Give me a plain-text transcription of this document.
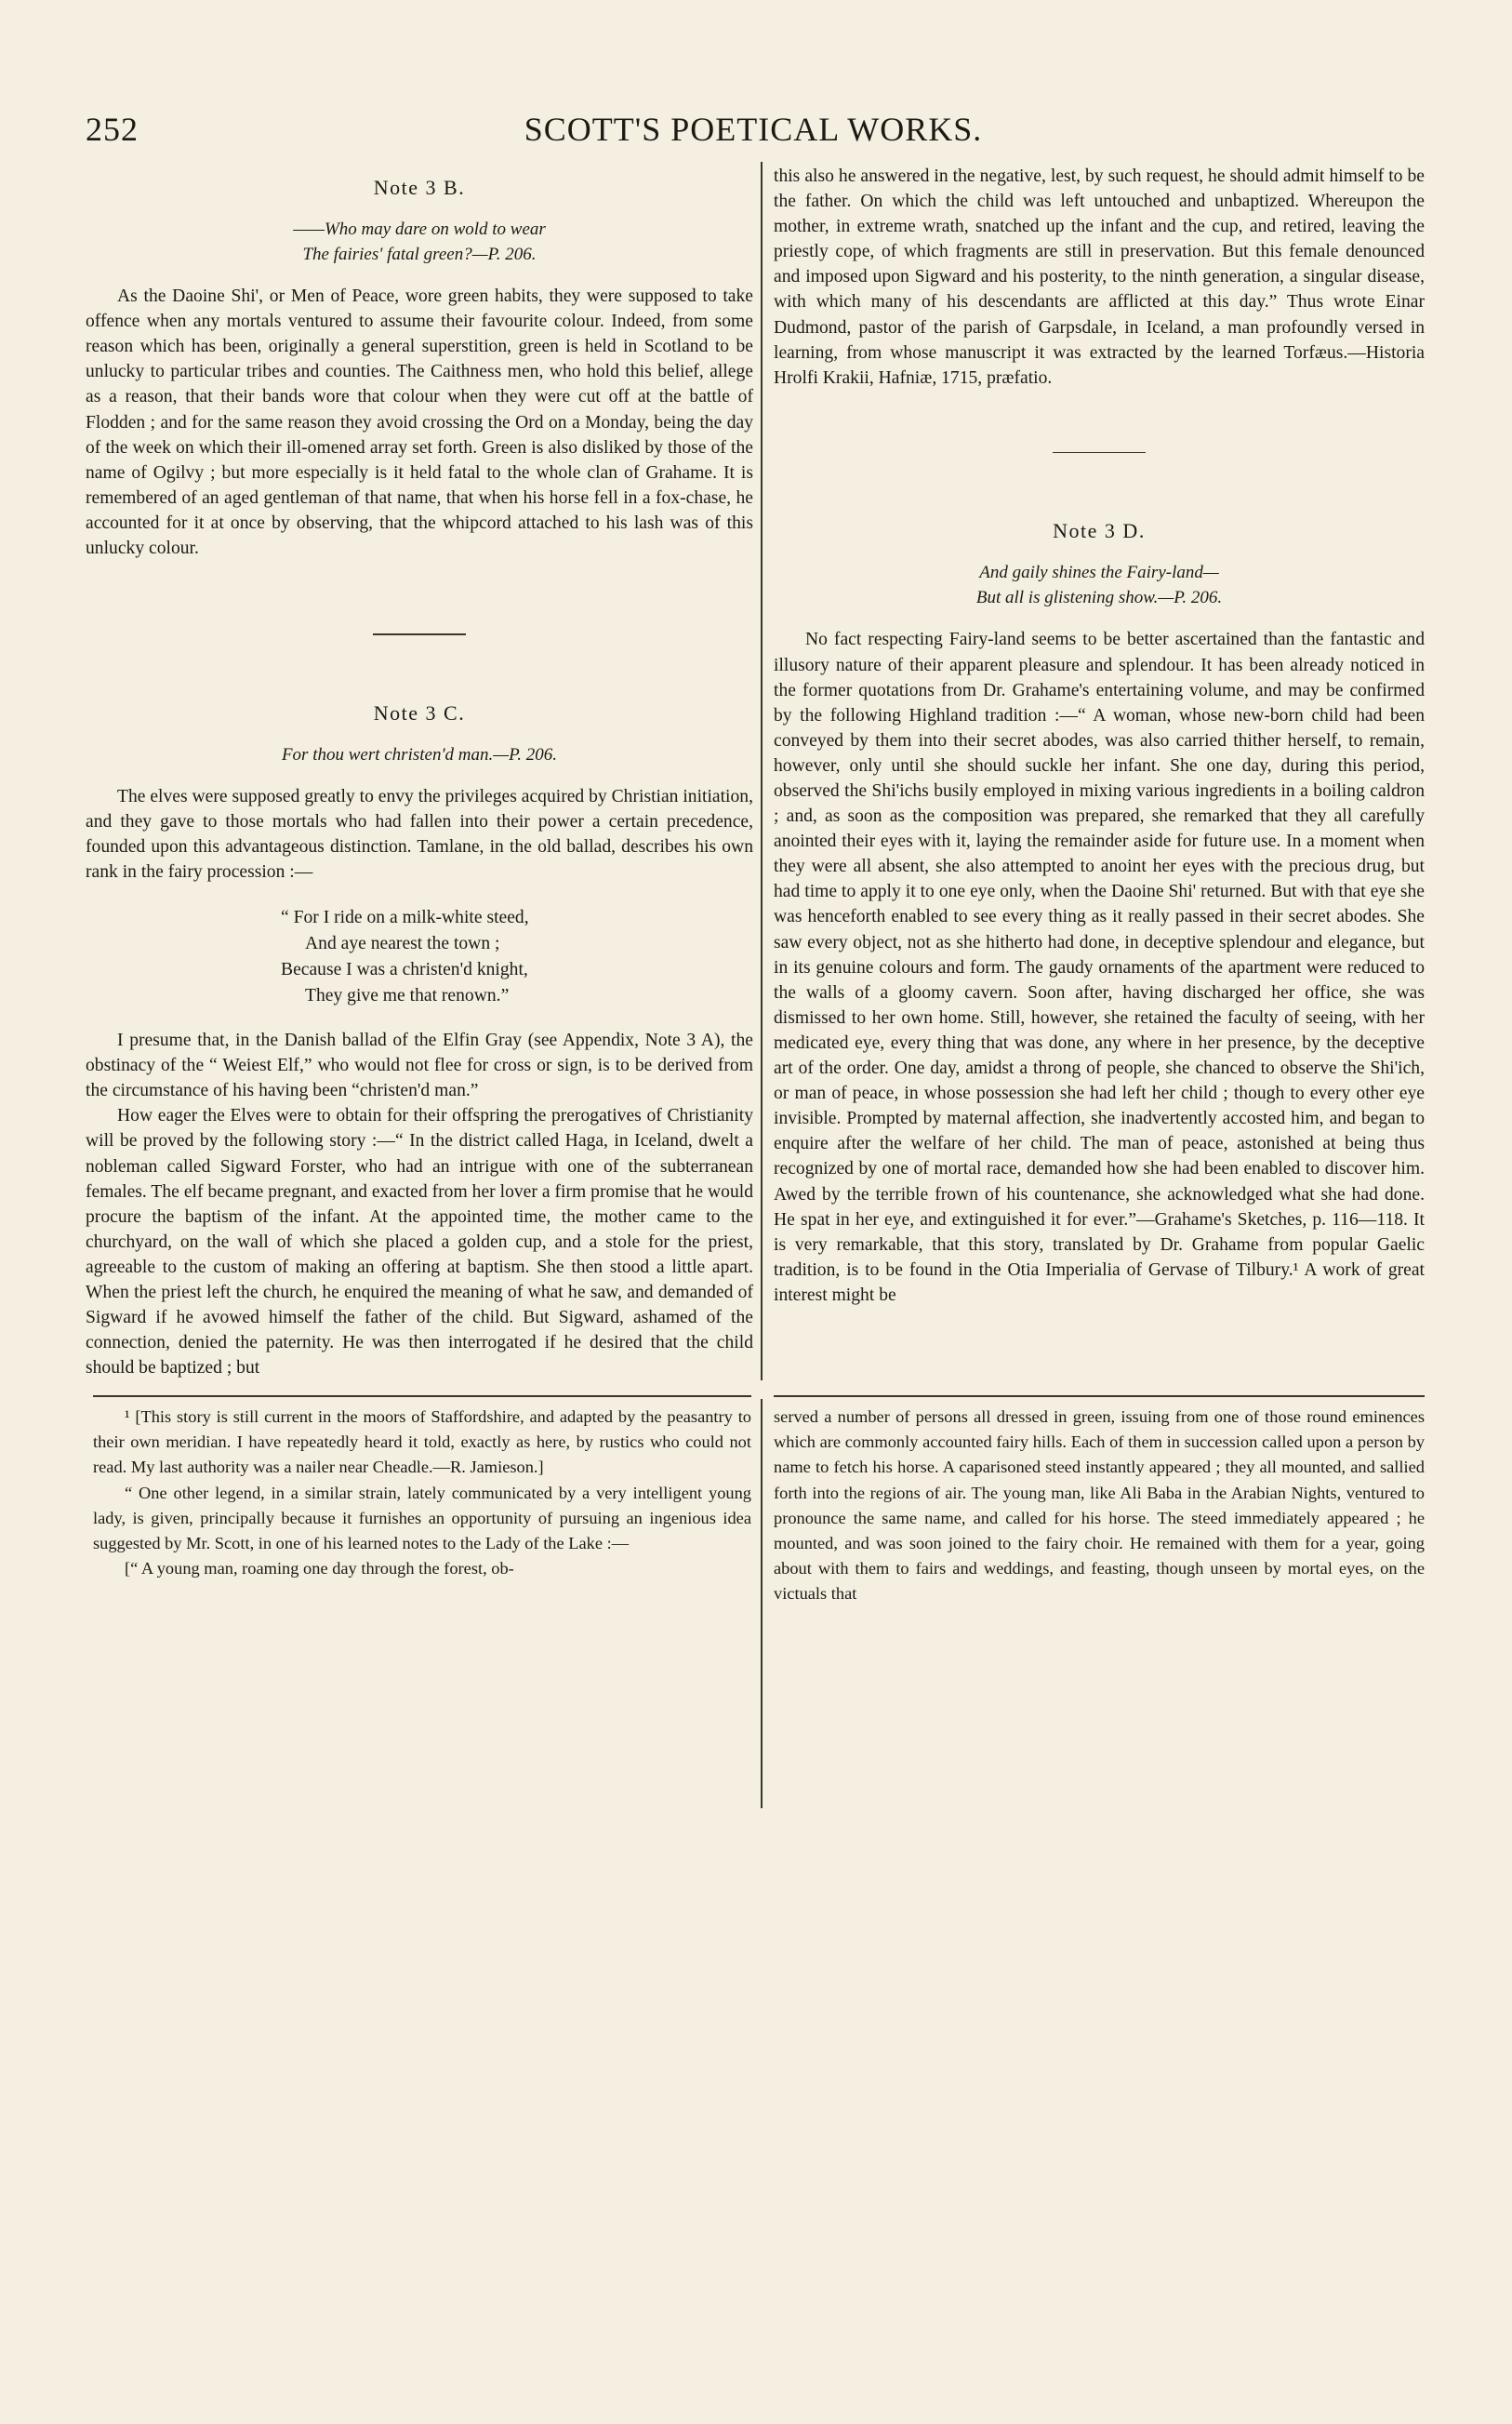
252	SCOTT'S POETICAL WORKS.
Note 3 B.
——Who may dare on wold to wear
The fairies' fatal green?—P. 206.

As the Daoine Shi', or Men of Peace, wore green habits, they were supposed to take offence when any mortals ventured to assume their favourite colour. Indeed, from some reason which has been, originally a general superstition, green is held in Scotland to be unlucky to particular tribes and counties. The Caithness men, who hold this belief, allege as a reason, that their bands wore that colour when they were cut off at the battle of Flodden ; and for the same reason they avoid crossing the Ord on a Monday, being the day of the week on which their ill-omened array set forth. Green is also disliked by those of the name of Ogilvy ; but more especially is it held fatal to the whole clan of Grahame. It is remembered of an aged gentleman of that name, that when his horse fell in a fox-chase, he accounted for it at once by observing, that the whipcord attached to his lash was of this unlucky colour.

Note 3 C.
For thou wert christen'd man.—P. 206.

The elves were supposed greatly to envy the privileges acquired by Christian initiation, and they gave to those mortals who had fallen into their power a certain precedence, founded upon this advantageous distinction. Tamlane, in the old ballad, describes his own rank in the fairy procession :—

“ For I ride on a milk-white steed,
And aye nearest the town ;
Because I was a christen'd knight,
They give me that renown.”

I presume that, in the Danish ballad of the Elfin Gray (see Appendix, Note 3 A), the obstinacy of the “ Weiest Elf,” who would not flee for cross or sign, is to be derived from the circumstance of his having been “christen'd man.”

How eager the Elves were to obtain for their offspring the prerogatives of Christianity will be proved by the following story :—“ In the district called Haga, in Iceland, dwelt a nobleman called Sigward Forster, who had an intrigue with one of the subterranean females. The elf became pregnant, and exacted from her lover a firm promise that he would procure the baptism of the infant. At the appointed time, the mother came to the churchyard, on the wall of which she placed a golden cup, and a stole for the priest, agreeable to the custom of making an offering at baptism. She then stood a little apart. When the priest left the church, he enquired the meaning of what he saw, and demanded of Sigward if he avowed himself the father of the child. But Sigward, ashamed of the connection, denied the paternity. He was then interrogated if he desired that the child should be baptized ; but

this also he answered in the negative, lest, by such request, he should admit himself to be the father. On which the child was left untouched and unbaptized. Whereupon the mother, in extreme wrath, snatched up the infant and the cup, and retired, leaving the priestly cope, of which fragments are still in preservation. But this female denounced and imposed upon Sigward and his posterity, to the ninth generation, a singular disease, with which many of his descendants are afflicted at this day.” Thus wrote Einar Dudmond, pastor of the parish of Garpsdale, in Iceland, a man profoundly versed in learning, from whose manuscript it was extracted by the learned Torfæus.—Historia Hrolfi Krakii, Hafniæ, 1715, præfatio.

Note 3 D.
And gaily shines the Fairy-land—
But all is glistening show.—P. 206.

No fact respecting Fairy-land seems to be better ascertained than the fantastic and illusory nature of their apparent pleasure and splendour. It has been already noticed in the former quotations from Dr. Grahame's entertaining volume, and may be confirmed by the following Highland tradition :—“ A woman, whose new-born child had been conveyed by them into their secret abodes, was also carried thither herself, to remain, however, only until she should suckle her infant. She one day, during this period, observed the Shi'ichs busily employed in mixing various ingredients in a boiling caldron ; and, as soon as the composition was prepared, she remarked that they all carefully anointed their eyes with it, laying the remainder aside for future use. In a moment when they were all absent, she also attempted to anoint her eyes with the precious drug, but had time to apply it to one eye only, when the Daoine Shi' returned. But with that eye she was henceforth enabled to see every thing as it really passed in their secret abodes. She saw every object, not as she hitherto had done, in deceptive splendour and elegance, but in its genuine colours and form. The gaudy ornaments of the apartment were reduced to the walls of a gloomy cavern. Soon after, having discharged her office, she was dismissed to her own home. Still, however, she retained the faculty of seeing, with her medicated eye, every thing that was done, any where in her presence, by the deceptive art of the order. One day, amidst a throng of people, she chanced to observe the Shi'ich, or man of peace, in whose possession she had left her child ; though to every other eye invisible. Prompted by maternal affection, she inadvertently accosted him, and began to enquire after the welfare of her child. The man of peace, astonished at being thus recognized by one of mortal race, demanded how she had been enabled to discover him. Awed by the terrible frown of his countenance, she acknowledged what she had done. He spat in her eye, and extinguished it for ever.”—Grahame's Sketches, p. 116—118. It is very remarkable, that this story, translated by Dr. Grahame from popular Gaelic tradition, is to be found in the Otia Imperialia of Gervase of Tilbury.¹ A work of great interest might be

¹ [This story is still current in the moors of Staffordshire, and adapted by the peasantry to their own meridian. I have repeatedly heard it told, exactly as here, by rustics who could not read. My last authority was a nailer near Cheadle.—R. Jamieson.]

“ One other legend, in a similar strain, lately communicated by a very intelligent young lady, is given, principally because it furnishes an opportunity of pursuing an ingenious idea suggested by Mr. Scott, in one of his learned notes to the Lady of the Lake :—

[“ A young man, roaming one day through the forest, ob-

served a number of persons all dressed in green, issuing from one of those round eminences which are commonly accounted fairy hills. Each of them in succession called upon a person by name to fetch his horse. A caparisoned steed instantly appeared ; they all mounted, and sallied forth into the regions of air. The young man, like Ali Baba in the Arabian Nights, ventured to pronounce the same name, and called for his horse. The steed immediately appeared ; he mounted, and was soon joined to the fairy choir. He remained with them for a year, going about with them to fairs and weddings, and feasting, though unseen by mortal eyes, on the victuals that
